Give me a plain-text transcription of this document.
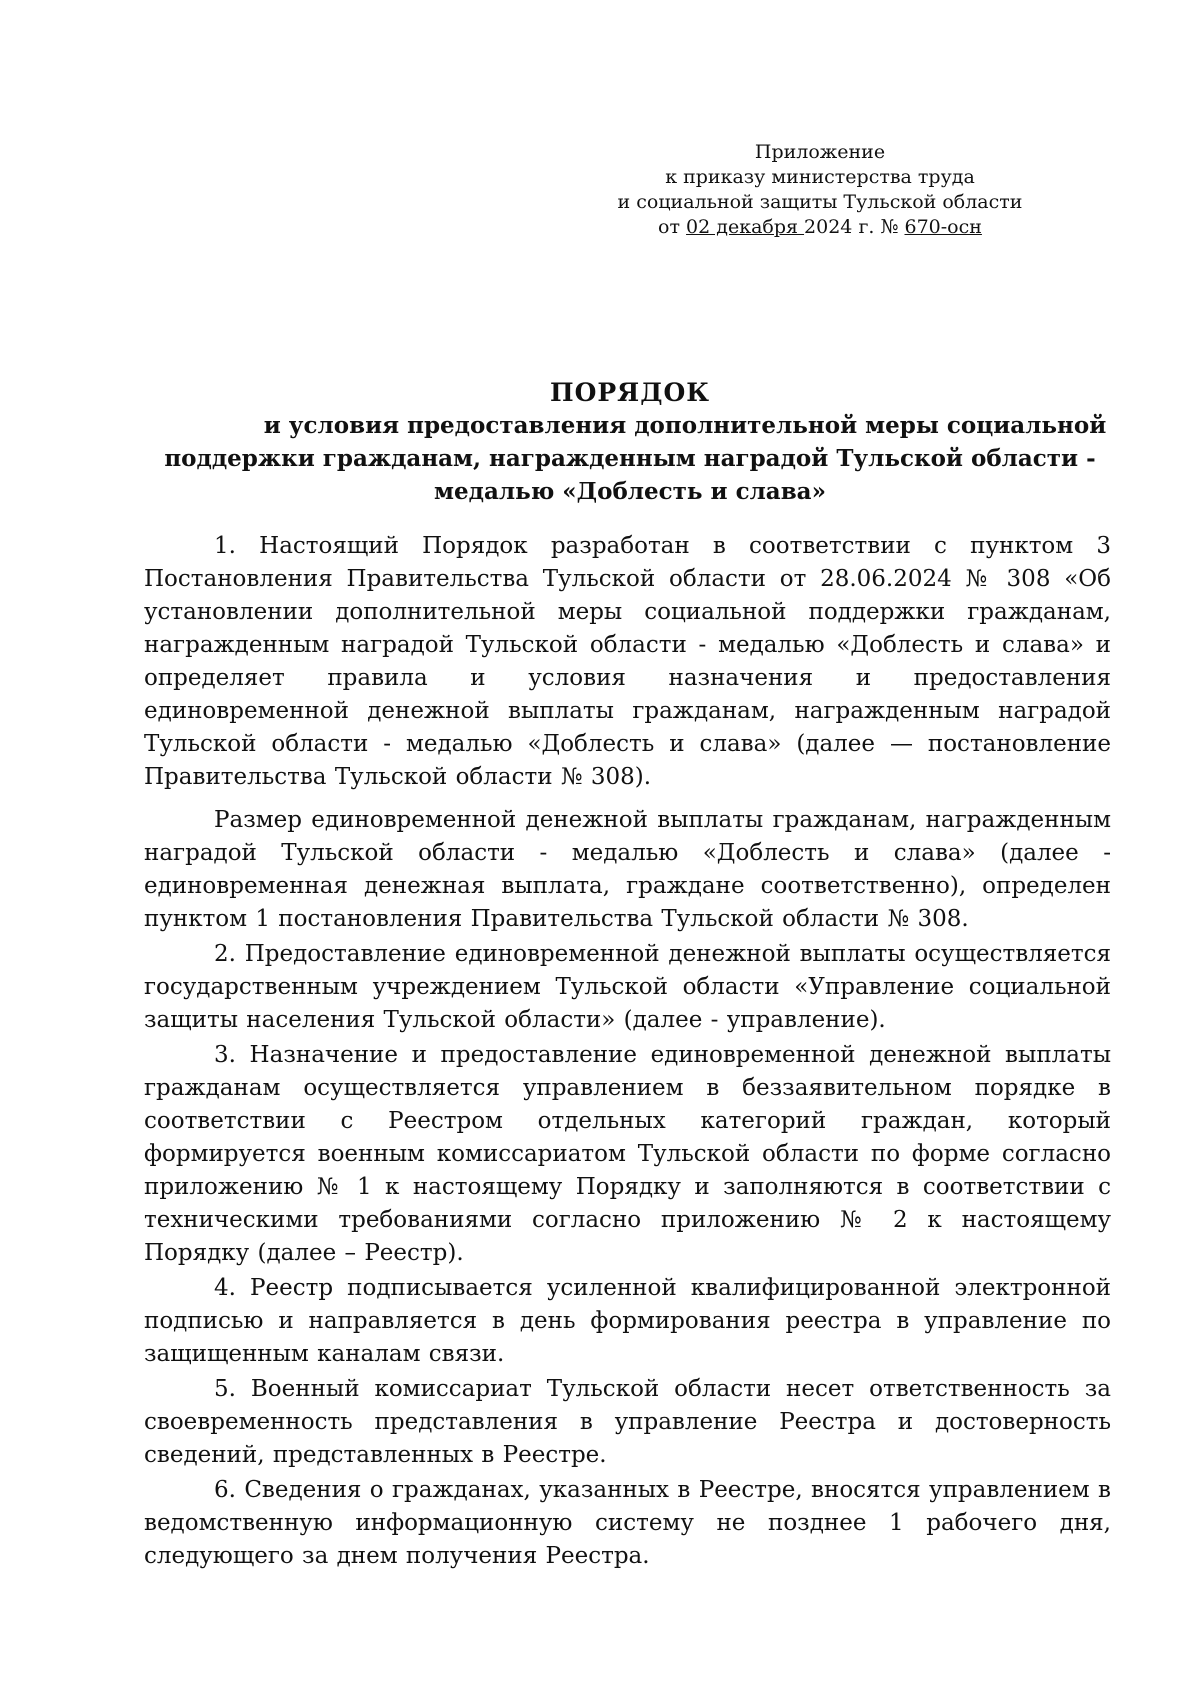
Приложение
к приказу министерства труда
и социальной защиты Тульской области
от 02 декабря 2024 г. № 670-осн
ПОРЯДОК
и условия предоставления дополнительной меры социальной
поддержки гражданам, награжденным наградой Тульской области -
медалью «Доблесть и слава»

1. Настоящий Порядок разработан в соответствии с пунктом 3 Постановления Правительства Тульской области от 28.06.2024 № 308 «Об установлении дополнительной меры социальной поддержки гражданам, награжденным наградой Тульской области - медалью «Доблесть и слава» и определяет правила и условия назначения и предоставления единовременной денежной выплаты гражданам, награжденным наградой Тульской области - медалью «Доблесть и слава» (далее — постановление Правительства Тульской области № 308).

Размер единовременной денежной выплаты гражданам, награжденным наградой Тульской области - медалью «Доблесть и слава» (далее - единовременная денежная выплата, граждане соответственно), определен пунктом 1 постановления Правительства Тульской области № 308.

2. Предоставление единовременной денежной выплаты осуществляется государственным учреждением Тульской области «Управление социальной защиты населения Тульской области» (далее - управление).

3. Назначение и предоставление единовременной денежной выплаты гражданам осуществляется управлением в беззаявительном порядке в соответствии с Реестром отдельных категорий граждан, который формируется военным комиссариатом Тульской области по форме согласно приложению № 1 к настоящему Порядку и заполняются в соответствии с техническими требованиями согласно приложению № 2 к настоящему Порядку (далее – Реестр).

4. Реестр подписывается усиленной квалифицированной электронной подписью и направляется в день формирования реестра в управление по защищенным каналам связи.

5. Военный комиссариат Тульской области несет ответственность за своевременность представления в управление Реестра и достоверность сведений, представленных в Реестре.

6. Сведения о гражданах, указанных в Реестре, вносятся управлением в ведомственную информационную систему не позднее 1 рабочего дня, следующего за днем получения Реестра.
